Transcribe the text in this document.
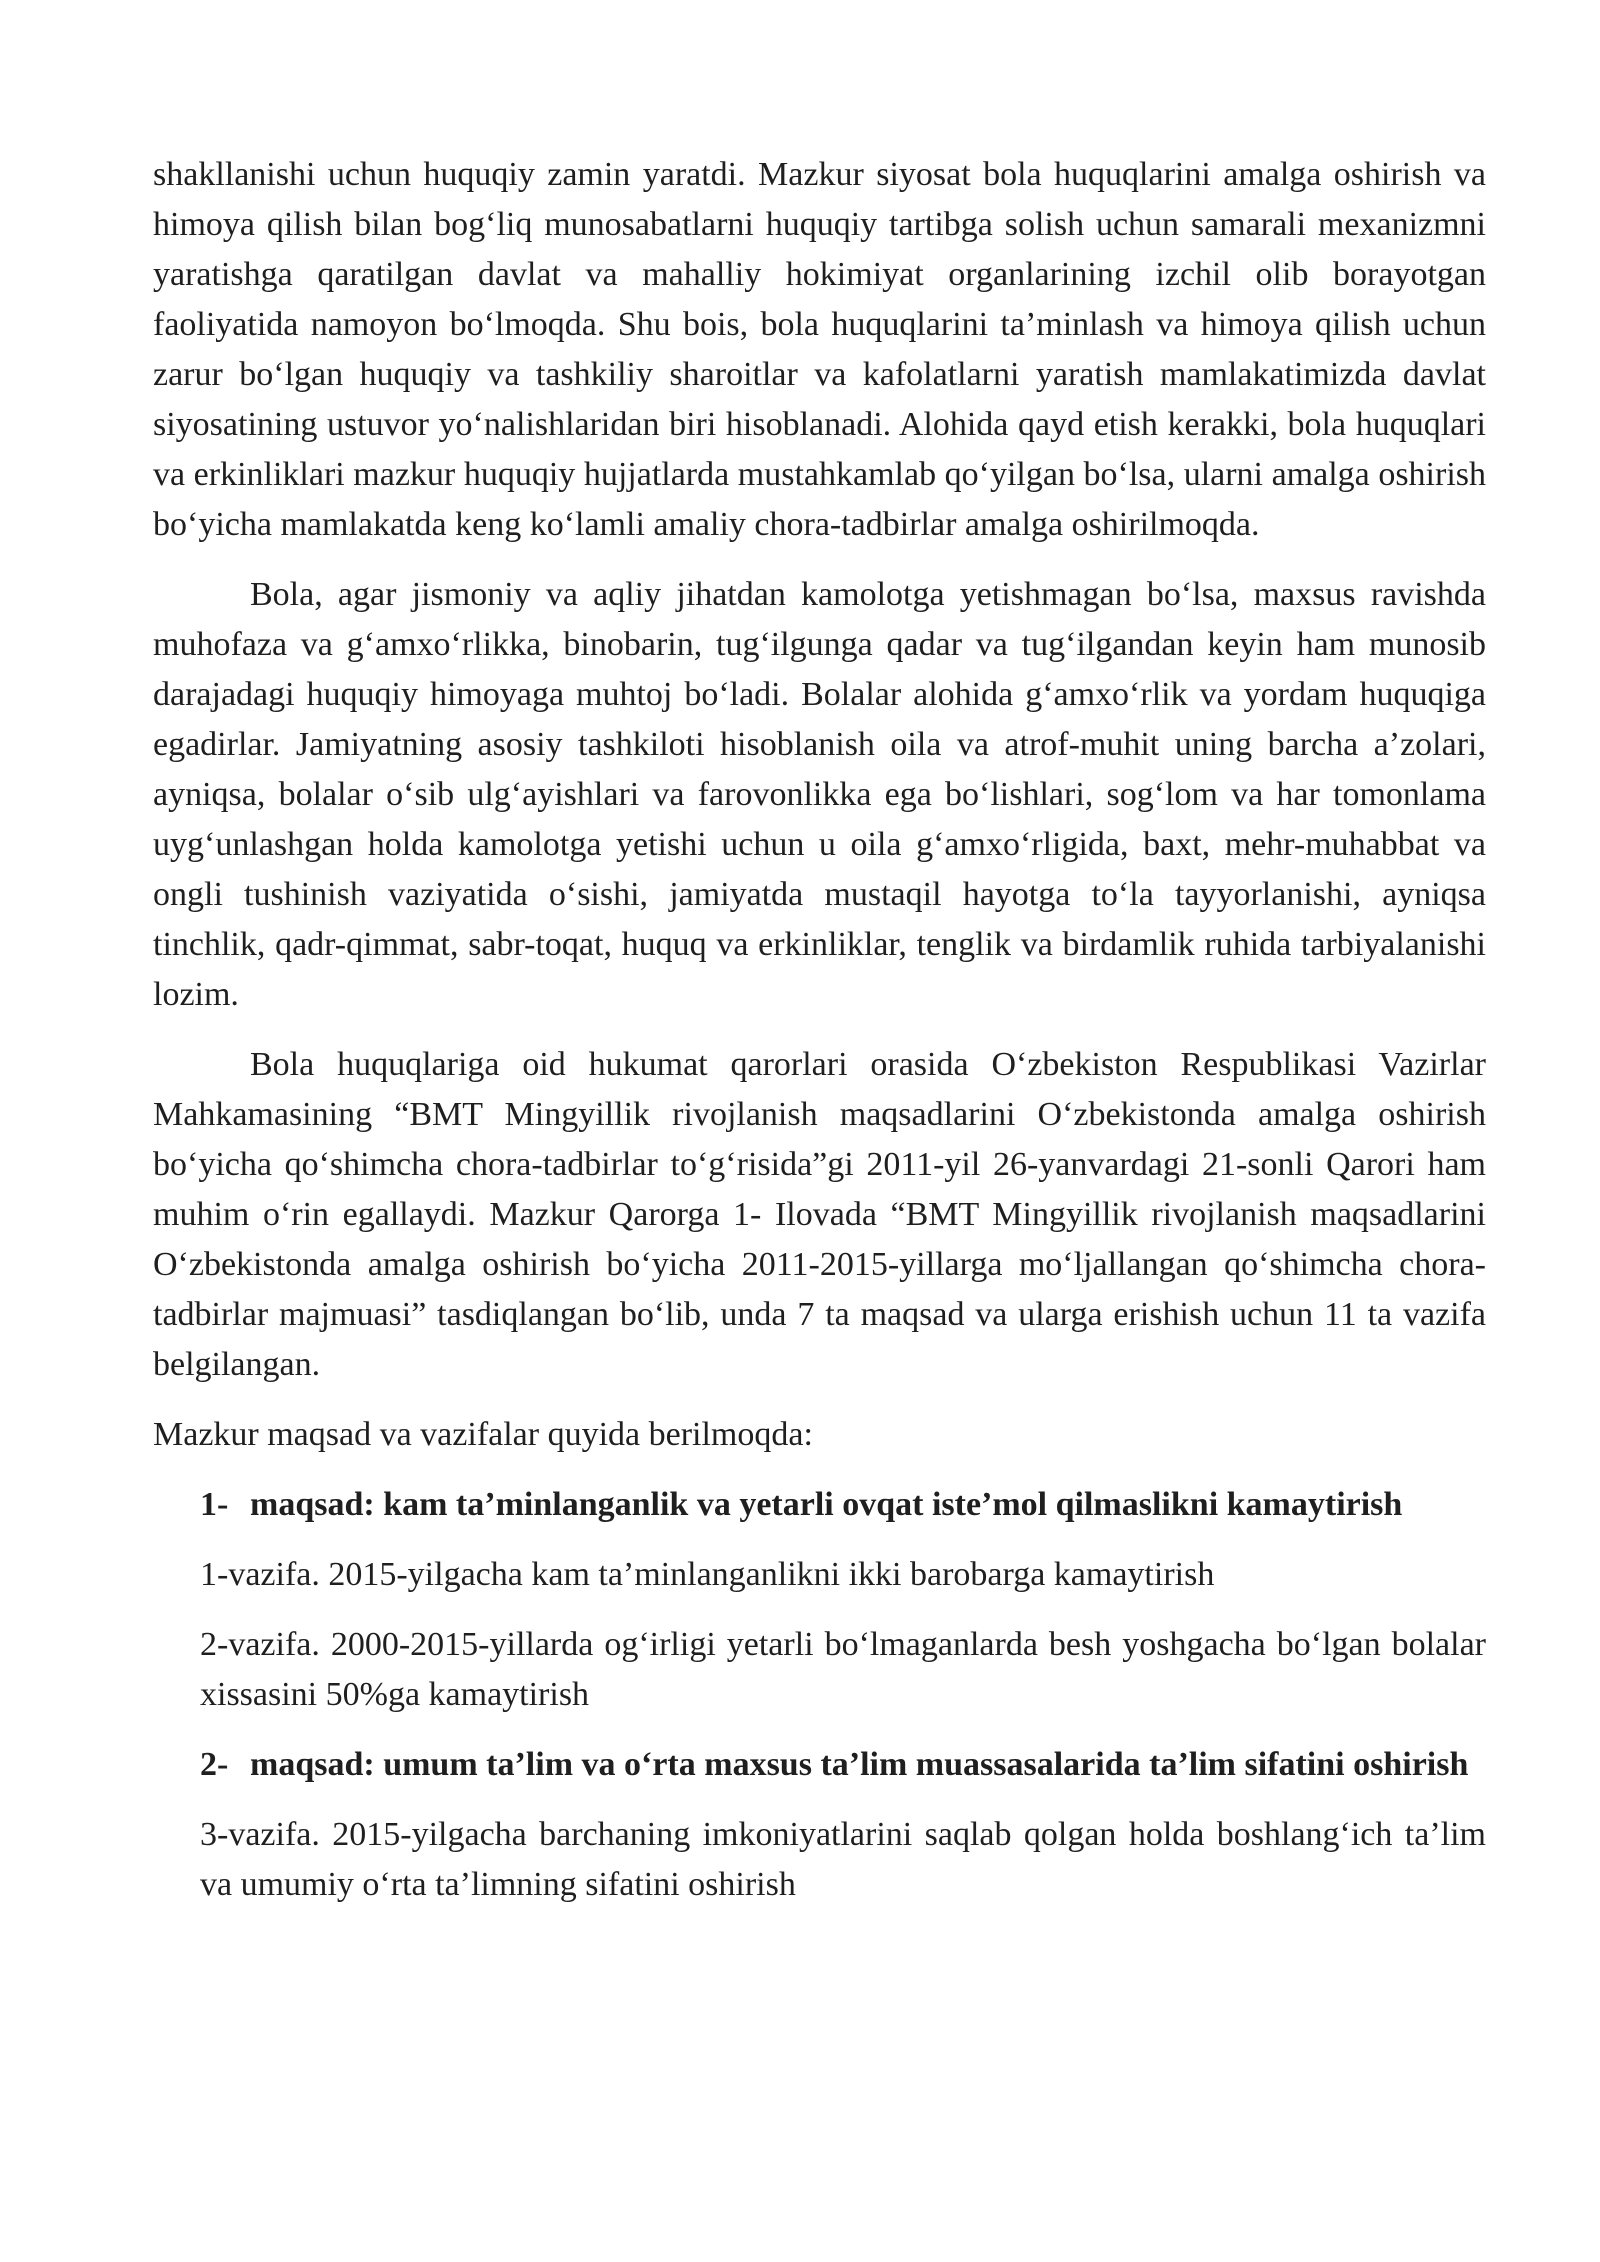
shakllanishi uchun huquqiy zamin yaratdi. Mazkur siyosat bola huquqlarini amalga oshirish va himoya qilish bilan bog‘liq munosabatlarni huquqiy tartibga solish uchun samarali mexanizmni yaratishga qaratilgan davlat va mahalliy hokimiyat organlarining izchil olib borayotgan faoliyatida namoyon bo‘lmoqda. Shu bois, bola huquqlarini ta’minlash va himoya qilish uchun zarur bo‘lgan huquqiy va tashkiliy sharoitlar va kafolatlarni yaratish mamlakatimizda davlat siyosatining ustuvor yo‘nalishlaridan biri hisoblanadi. Alohida qayd etish kerakki, bola huquqlari va erkinliklari mazkur huquqiy hujjatlarda mustahkamlab qo‘yilgan bo‘lsa, ularni amalga oshirish bo‘yicha mamlakatda keng ko‘lamli amaliy chora-tadbirlar amalga oshirilmoqda.

Bola, agar jismoniy va aqliy jihatdan kamolotga yetishmagan bo‘lsa, maxsus ravishda muhofaza va g‘amxo‘rlikka, binobarin, tug‘ilgunga qadar va tug‘ilgandan keyin ham munosib darajadagi huquqiy himoyaga muhtoj bo‘ladi. Bolalar alohida g‘amxo‘rlik va yordam huquqiga egadirlar. Jamiyatning asosiy tashkiloti hisoblanish oila va atrof-muhit uning barcha a’zolari, ayniqsa, bolalar o‘sib ulg‘ayishlari va farovonlikka ega bo‘lishlari, sog‘lom va har tomonlama uyg‘unlashgan holda kamolotga yetishi uchun u oila g‘amxo‘rligida, baxt, mehr-muhabbat va ongli tushinish vaziyatida o‘sishi, jamiyatda mustaqil hayotga to‘la tayyorlanishi, ayniqsa tinchlik, qadr-qimmat, sabr-toqat, huquq va erkinliklar, tenglik va birdamlik ruhida tarbiyalanishi lozim.

Bola huquqlariga oid hukumat qarorlari orasida O‘zbekiston Respublikasi Vazirlar Mahkamasining “BMT Mingyillik rivojlanish maqsadlarini O‘zbekistonda amalga oshirish bo‘yicha qo‘shimcha chora-tadbirlar to‘g‘risida”gi 2011-yil 26-yanvardagi 21-sonli Qarori ham muhim o‘rin egallaydi. Mazkur Qarorga 1- Ilovada “BMT Mingyillik rivojlanish maqsadlarini O‘zbekistonda amalga oshirish bo‘yicha 2011-2015-yillarga mo‘ljallangan qo‘shimcha chora-tadbirlar majmuasi” tasdiqlangan bo‘lib, unda 7 ta maqsad va ularga erishish uchun 11 ta vazifa belgilangan.

Mazkur maqsad va vazifalar quyida berilmoqda:

1- maqsad: kam ta’minlanganlik va yetarli ovqat iste’mol qilmaslikni kamaytirish

1-vazifa. 2015-yilgacha kam ta’minlanganlikni ikki barobarga kamaytirish

2-vazifa. 2000-2015-yillarda og‘irligi yetarli bo‘lmaganlarda besh yoshgacha bo‘lgan bolalar xissasini 50%ga kamaytirish

2- maqsad: umum ta’lim va o‘rta maxsus ta’lim muassasalarida ta’lim sifatini oshirish

3-vazifa. 2015-yilgacha barchaning imkoniyatlarini saqlab qolgan holda boshlang‘ich ta’lim va umumiy o‘rta ta’limning sifatini oshirish
